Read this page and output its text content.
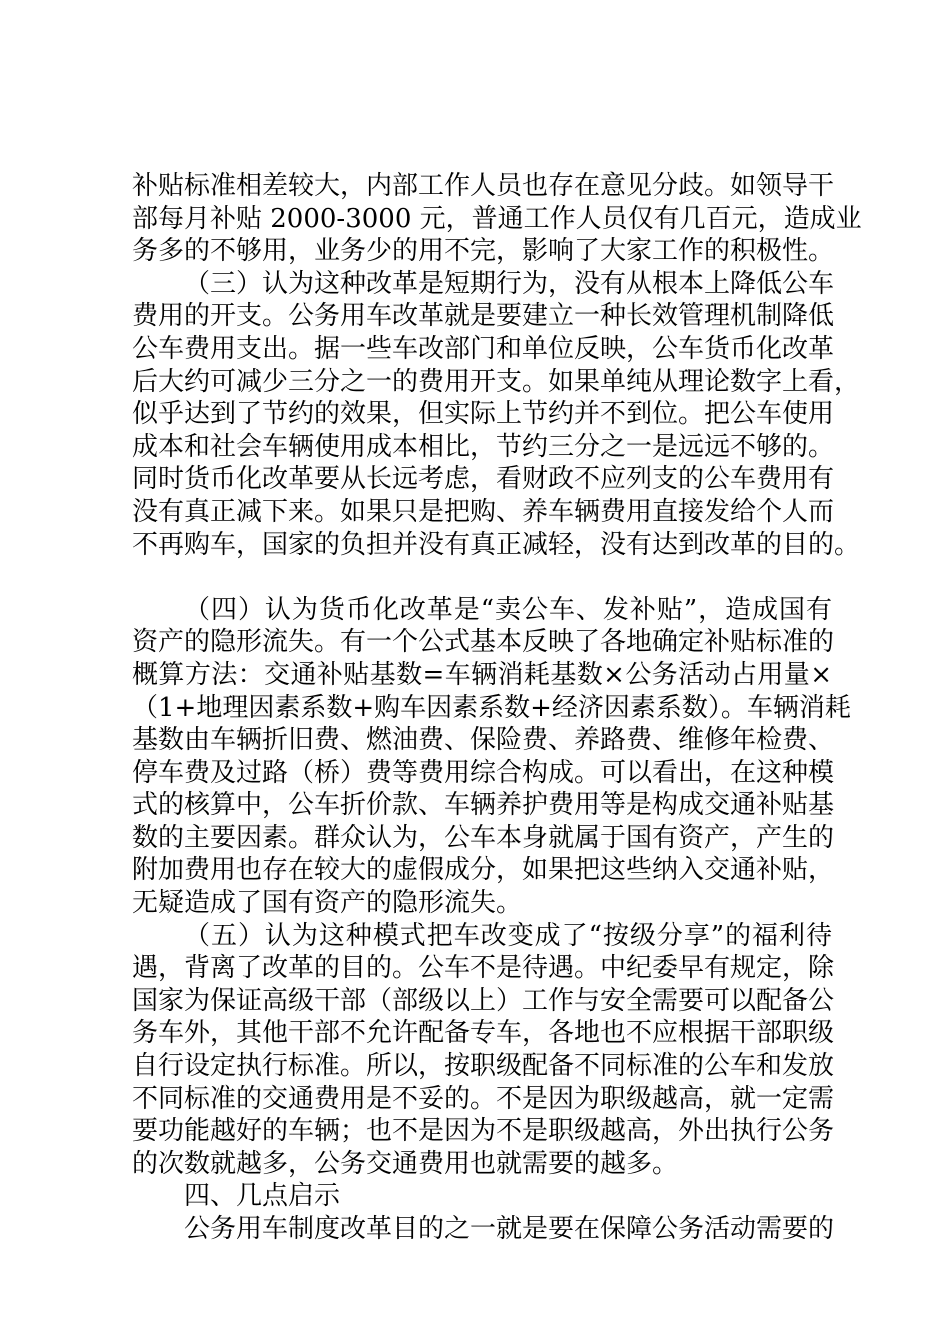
补贴标准相差较大，内部工作人员也存在意见分歧。如领导干
部每月补贴 2000-3000 元，普通工作人员仅有几百元，造成业
务多的不够用，业务少的用不完，影响了大家工作的积极性。
（三）认为这种改革是短期行为，没有从根本上降低公车
费用的开支。公务用车改革就是要建立一种长效管理机制降低
公车费用支出。据一些车改部门和单位反映，公车货币化改革
后大约可减少三分之一的费用开支。如果单纯从理论数字上看，
似乎达到了节约的效果，但实际上节约并不到位。把公车使用
成本和社会车辆使用成本相比，节约三分之一是远远不够的。
同时货币化改革要从长远考虑，看财政不应列支的公车费用有
没有真正减下来。如果只是把购、养车辆费用直接发给个人而
不再购车，国家的负担并没有真正减轻，没有达到改革的目的。
（四）认为货币化改革是“卖公车、发补贴”，造成国有
资产的隐形流失。有一个公式基本反映了各地确定补贴标准的
概算方法：交通补贴基数=车辆消耗基数×公务活动占用量×
（1+地理因素系数+购车因素系数+经济因素系数）。车辆消耗
基数由车辆折旧费、燃油费、保险费、养路费、维修年检费、
停车费及过路（桥）费等费用综合构成。可以看出，在这种模
式的核算中，公车折价款、车辆养护费用等是构成交通补贴基
数的主要因素。群众认为，公车本身就属于国有资产，产生的
附加费用也存在较大的虚假成分，如果把这些纳入交通补贴，
无疑造成了国有资产的隐形流失。
（五）认为这种模式把车改变成了“按级分享”的福利待
遇，背离了改革的目的。公车不是待遇。中纪委早有规定，除
国家为保证高级干部（部级以上）工作与安全需要可以配备公
务车外，其他干部不允许配备专车，各地也不应根据干部职级
自行设定执行标准。所以，按职级配备不同标准的公车和发放
不同标准的交通费用是不妥的。不是因为职级越高，就一定需
要功能越好的车辆；也不是因为不是职级越高，外出执行公务
的次数就越多，公务交通费用也就需要的越多。
四、几点启示
公务用车制度改革目的之一就是要在保障公务活动需要的
